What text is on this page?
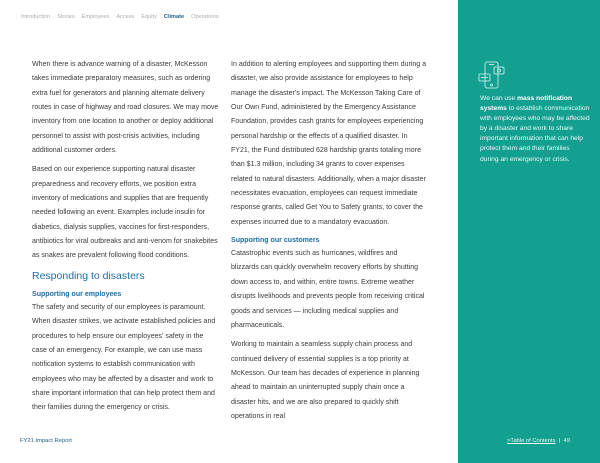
Introduction Stories Employees Access Equity Climate Operations

When there is advance warning of a disaster, McKesson takes immediate preparatory measures, such as ordering extra fuel for generators and planning alternate delivery routes in case of highway and road closures. We may move inventory from one location to another or deploy additional personnel to assist with post-crisis activities, including additional customer orders.

Based on our experience supporting natural disaster preparedness and recovery efforts, we position extra inventory of medications and supplies that are frequently needed following an event. Examples include insulin for diabetics, dialysis supplies, vaccines for first-responders, antibiotics for viral outbreaks and anti-venom for snakebites as snakes are prevalent following flood conditions.

Responding to disasters
Supporting our employees

The safety and security of our employees is paramount. When disaster strikes, we activate established policies and procedures to help ensure our employees' safety in the case of an emergency. For example, we can use mass notification systems to establish communication with employees who may be affected by a disaster and work to share important information that can help protect them and their families during the emergency or crisis.

In addition to alerting employees and supporting them during a disaster, we also provide assistance for employees to help manage the disaster's impact. The McKesson Taking Care of Our Own Fund, administered by the Emergency Assistance Foundation, provides cash grants for employees experiencing personal hardship or the effects of a qualified disaster. In FY21, the Fund distributed 628 hardship grants totaling more than $1.3 million, including 34 grants to cover expenses related to natural disasters. Additionally, when a major disaster necessitates evacuation, employees can request immediate response grants, called Get You to Safety grants, to cover the expenses incurred due to a mandatory evacuation.

Supporting our customers

Catastrophic events such as hurricanes, wildfires and blizzards can quickly overwhelm recovery efforts by shutting down access to, and within, entire towns. Extreme weather disrupts livelihoods and prevents people from receiving critical goods and services — including medical supplies and pharmaceuticals.

Working to maintain a seamless supply chain process and continued delivery of essential supplies is a top priority at McKesson. Our team has decades of experience in planning ahead to maintain an uninterrupted supply chain once a disaster hits, and we are also prepared to quickly shift operations in real

We can use mass notification systems to establish communication with employees who may be affected by a disaster and work to share important information that can help protect them and their families during an emergency or crisis.
FY21 Impact Report	>Table of Contents | 49
